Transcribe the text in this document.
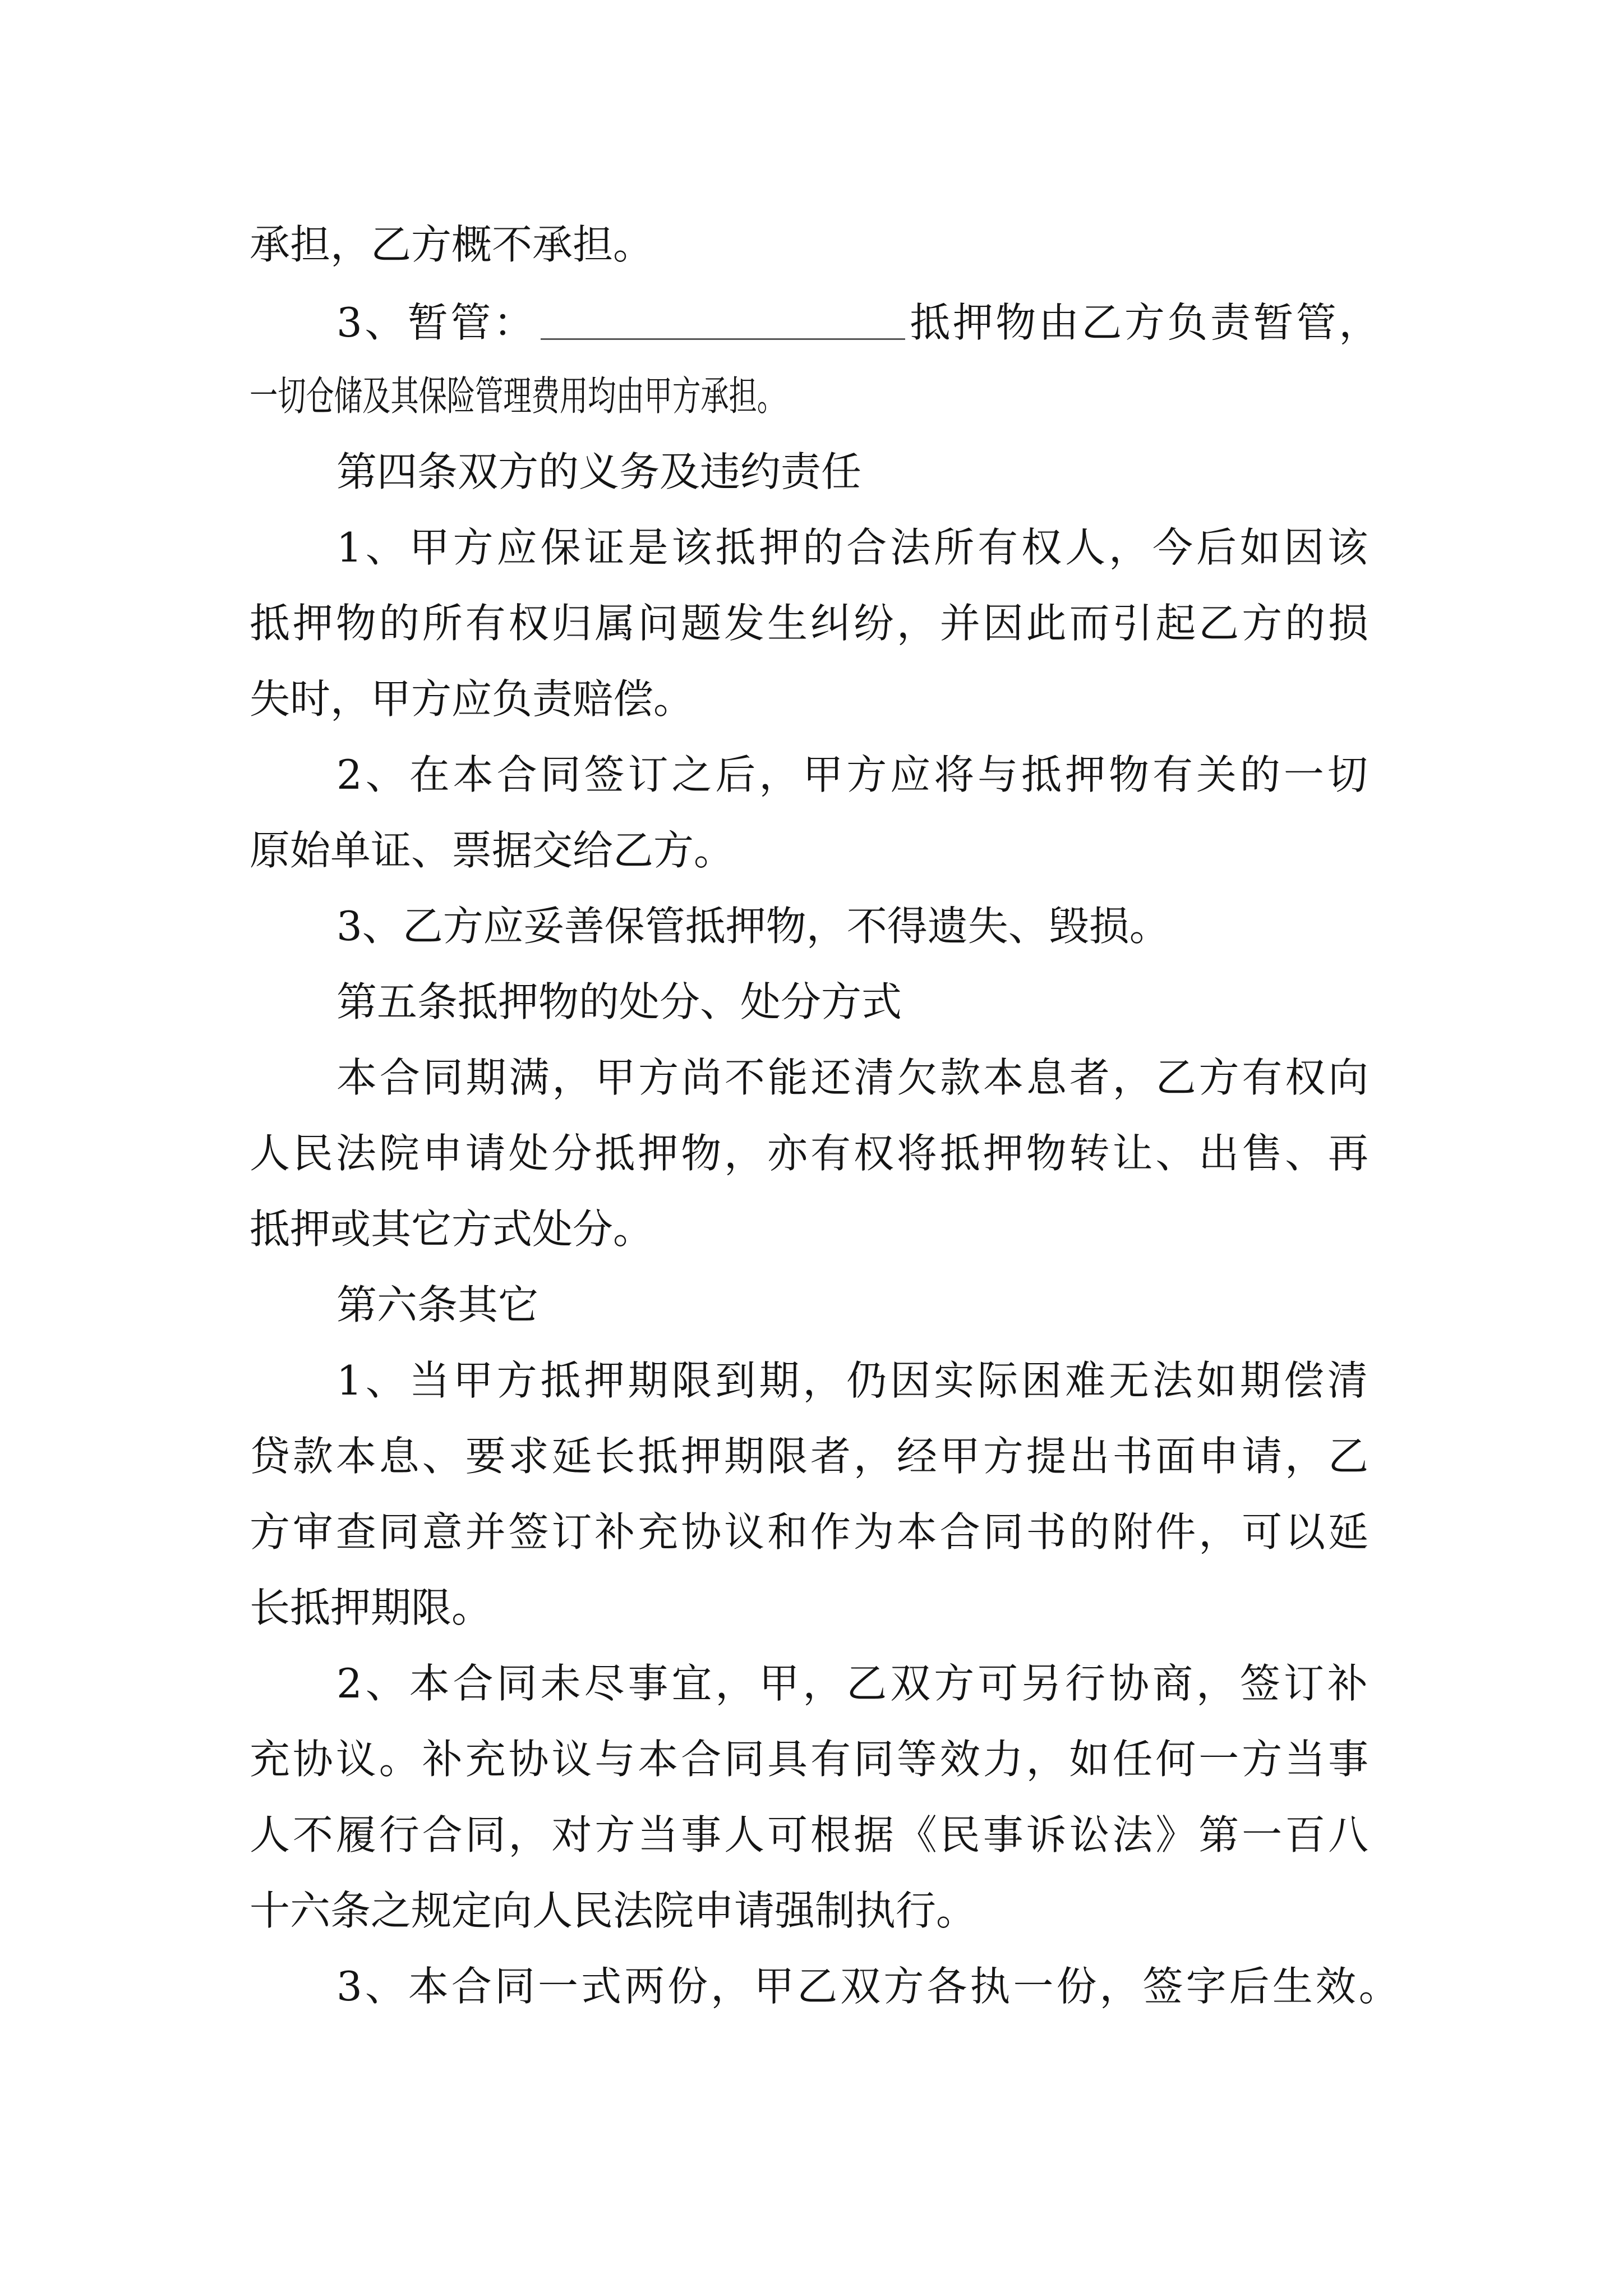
承担，乙方概不承担。
3、暂管：	抵押物由乙方负责暂管，
一切仓储及其保险管理费用均由甲方承担。
第四条双方的义务及违约责任
1、甲方应保证是该抵押的合法所有权人，今后如因该
抵押物的所有权归属问题发生纠纷，并因此而引起乙方的损
失时，甲方应负责赔偿。
2、在本合同签订之后，甲方应将与抵押物有关的一切
原始单证、票据交给乙方。
3、乙方应妥善保管抵押物，不得遗失、毁损。
第五条抵押物的处分、处分方式
本合同期满，甲方尚不能还清欠款本息者，乙方有权向
人民法院申请处分抵押物，亦有权将抵押物转让、出售、再
抵押或其它方式处分。
第六条其它
1、当甲方抵押期限到期，仍因实际困难无法如期偿清
贷款本息、要求延长抵押期限者，经甲方提出书面申请，乙
方审查同意并签订补充协议和作为本合同书的附件，可以延
长抵押期限。
2、本合同未尽事宜，甲，乙双方可另行协商，签订补
充协议。补充协议与本合同具有同等效力，如任何一方当事
人不履行合同，对方当事人可根据《民事诉讼法》第一百八
十六条之规定向人民法院申请强制执行。
3、本合同一式两份，甲乙双方各执一份，签字后生效。
